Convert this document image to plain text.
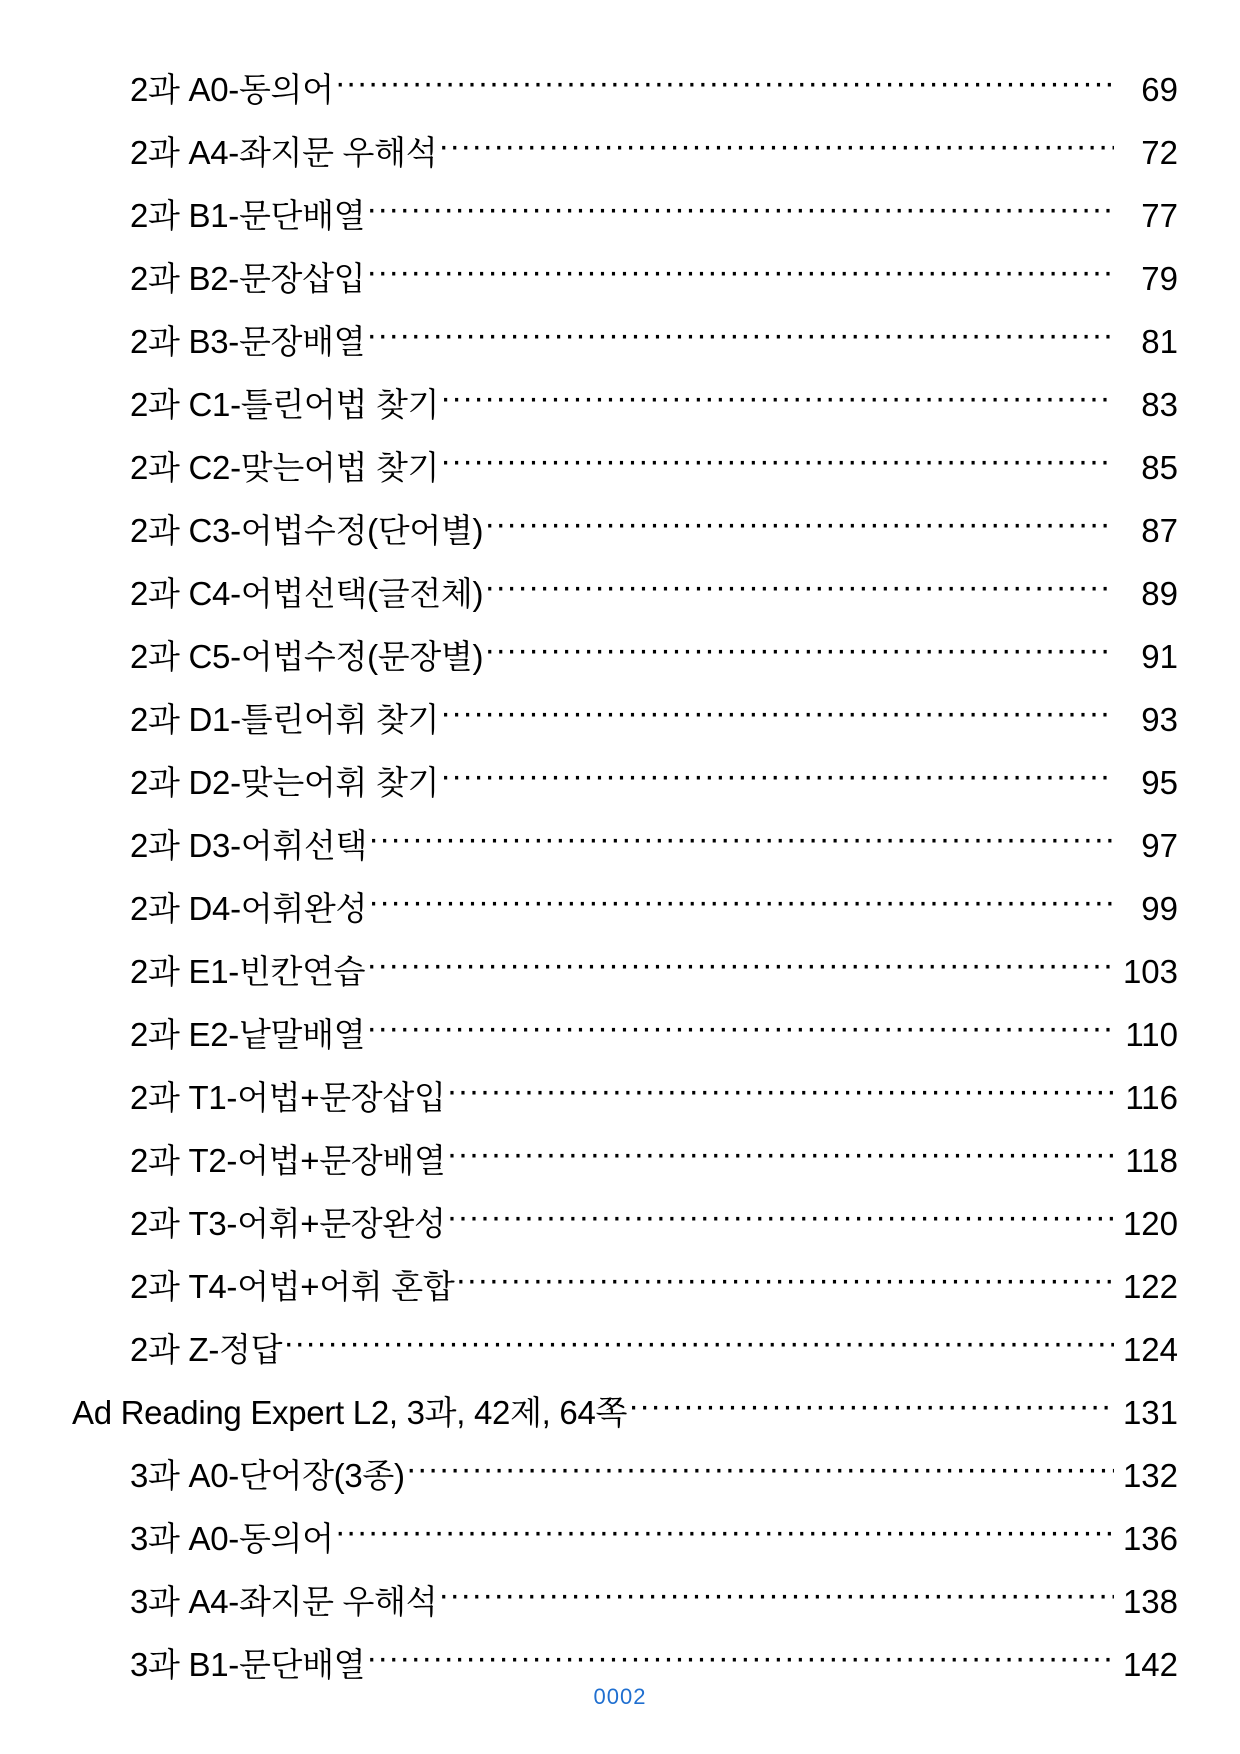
2과 A0-동의어 ·····	69
2과 A4-좌지문 우해석 ·····	72
2과 B1-문단배열 ·····	77
2과 B2-문장삽입 ·····	79
2과 B3-문장배열 ·····	81
2과 C1-틀린어법 찾기 ·····	83
2과 C2-맞는어법 찾기 ·····	85
2과 C3-어법수정(단어별) ·····	87
2과 C4-어법선택(글전체) ·····	89
2과 C5-어법수정(문장별) ·····	91
2과 D1-틀린어휘 찾기 ·····	93
2과 D2-맞는어휘 찾기 ·····	95
2과 D3-어휘선택 ·····	97
2과 D4-어휘완성 ·····	99
2과 E1-빈칸연습 ·····	103
2과 E2-낱말배열 ·····	110
2과 T1-어법+문장삽입 ·····	116
2과 T2-어법+문장배열 ·····	118
2과 T3-어휘+문장완성 ·····	120
2과 T4-어법+어휘 혼합 ·····	122
2과 Z-정답 ·····	124
Ad Reading Expert L2, 3과, 42제, 64쪽 ·····	131
3과 A0-단어장(3종) ·····	132
3과 A0-동의어 ·····	136
3과 A4-좌지문 우해석 ·····	138
3과 B1-문단배열 ·····	142
0002
